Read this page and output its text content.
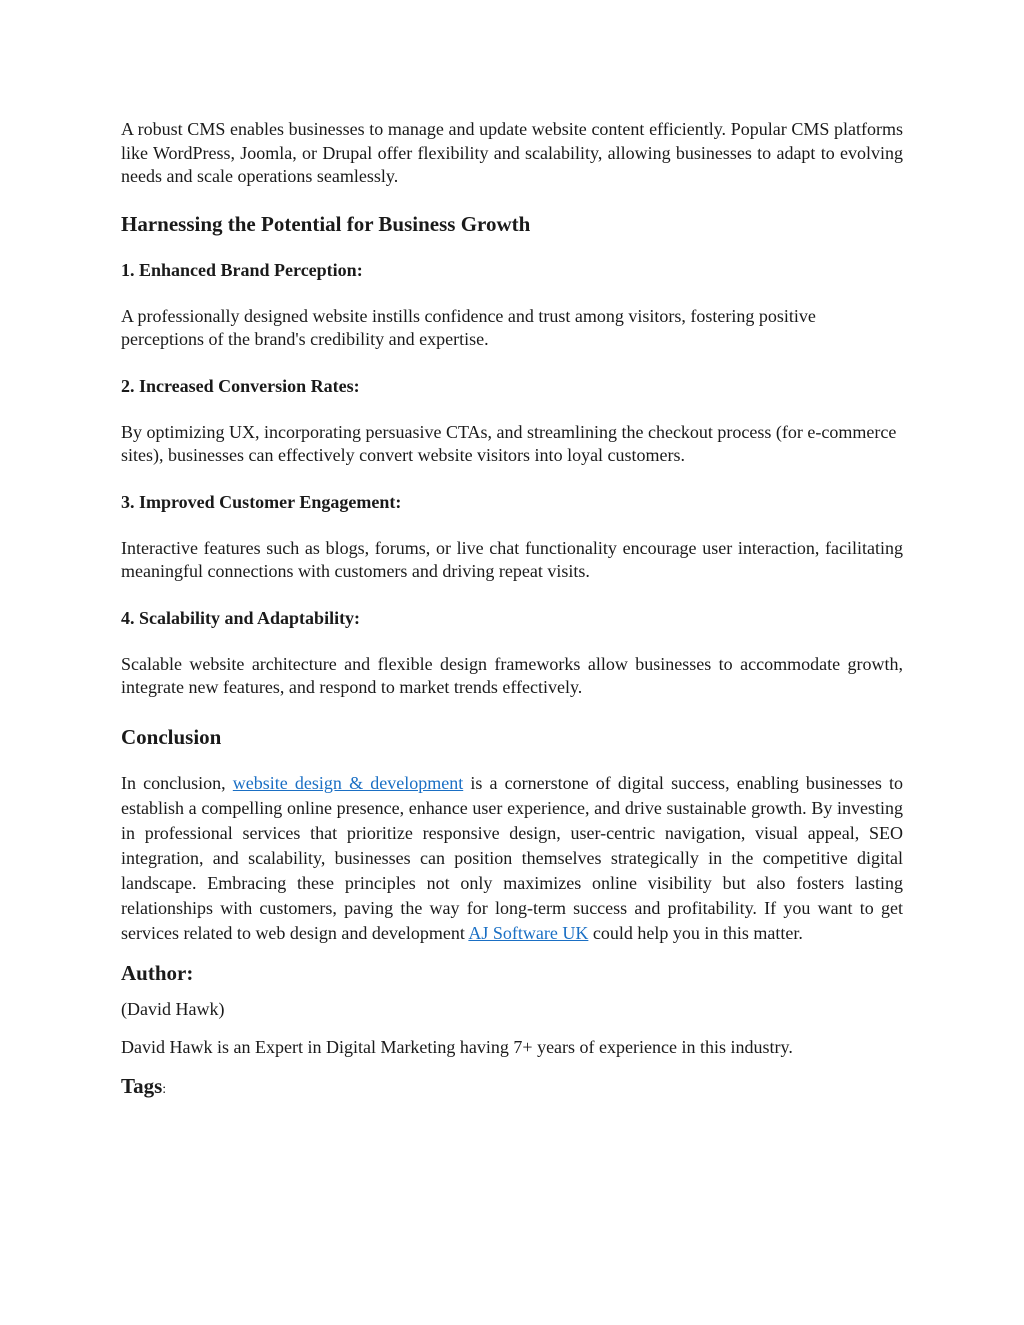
A robust CMS enables businesses to manage and update website content efficiently. Popular CMS platforms like WordPress, Joomla, or Drupal offer flexibility and scalability, allowing businesses to adapt to evolving needs and scale operations seamlessly.

Harnessing the Potential for Business Growth
1. Enhanced Brand Perception:

A professionally designed website instills confidence and trust among visitors, fostering positive perceptions of the brand's credibility and expertise.

2. Increased Conversion Rates:

By optimizing UX, incorporating persuasive CTAs, and streamlining the checkout process (for e-commerce sites), businesses can effectively convert website visitors into loyal customers.

3. Improved Customer Engagement:

Interactive features such as blogs, forums, or live chat functionality encourage user interaction, facilitating meaningful connections with customers and driving repeat visits.

4. Scalability and Adaptability:

Scalable website architecture and flexible design frameworks allow businesses to accommodate growth, integrate new features, and respond to market trends effectively.

Conclusion

In conclusion, website design & development is a cornerstone of digital success, enabling businesses to establish a compelling online presence, enhance user experience, and drive sustainable growth. By investing in professional services that prioritize responsive design, user-centric navigation, visual appeal, SEO integration, and scalability, businesses can position themselves strategically in the competitive digital landscape. Embracing these principles not only maximizes online visibility but also fosters lasting relationships with customers, paving the way for long-term success and profitability. If you want to get services related to web design and development AJ Software UK could help you in this matter.

Author:

(David Hawk)

David Hawk is an Expert in Digital Marketing having 7+ years of experience in this industry.

Tags:
